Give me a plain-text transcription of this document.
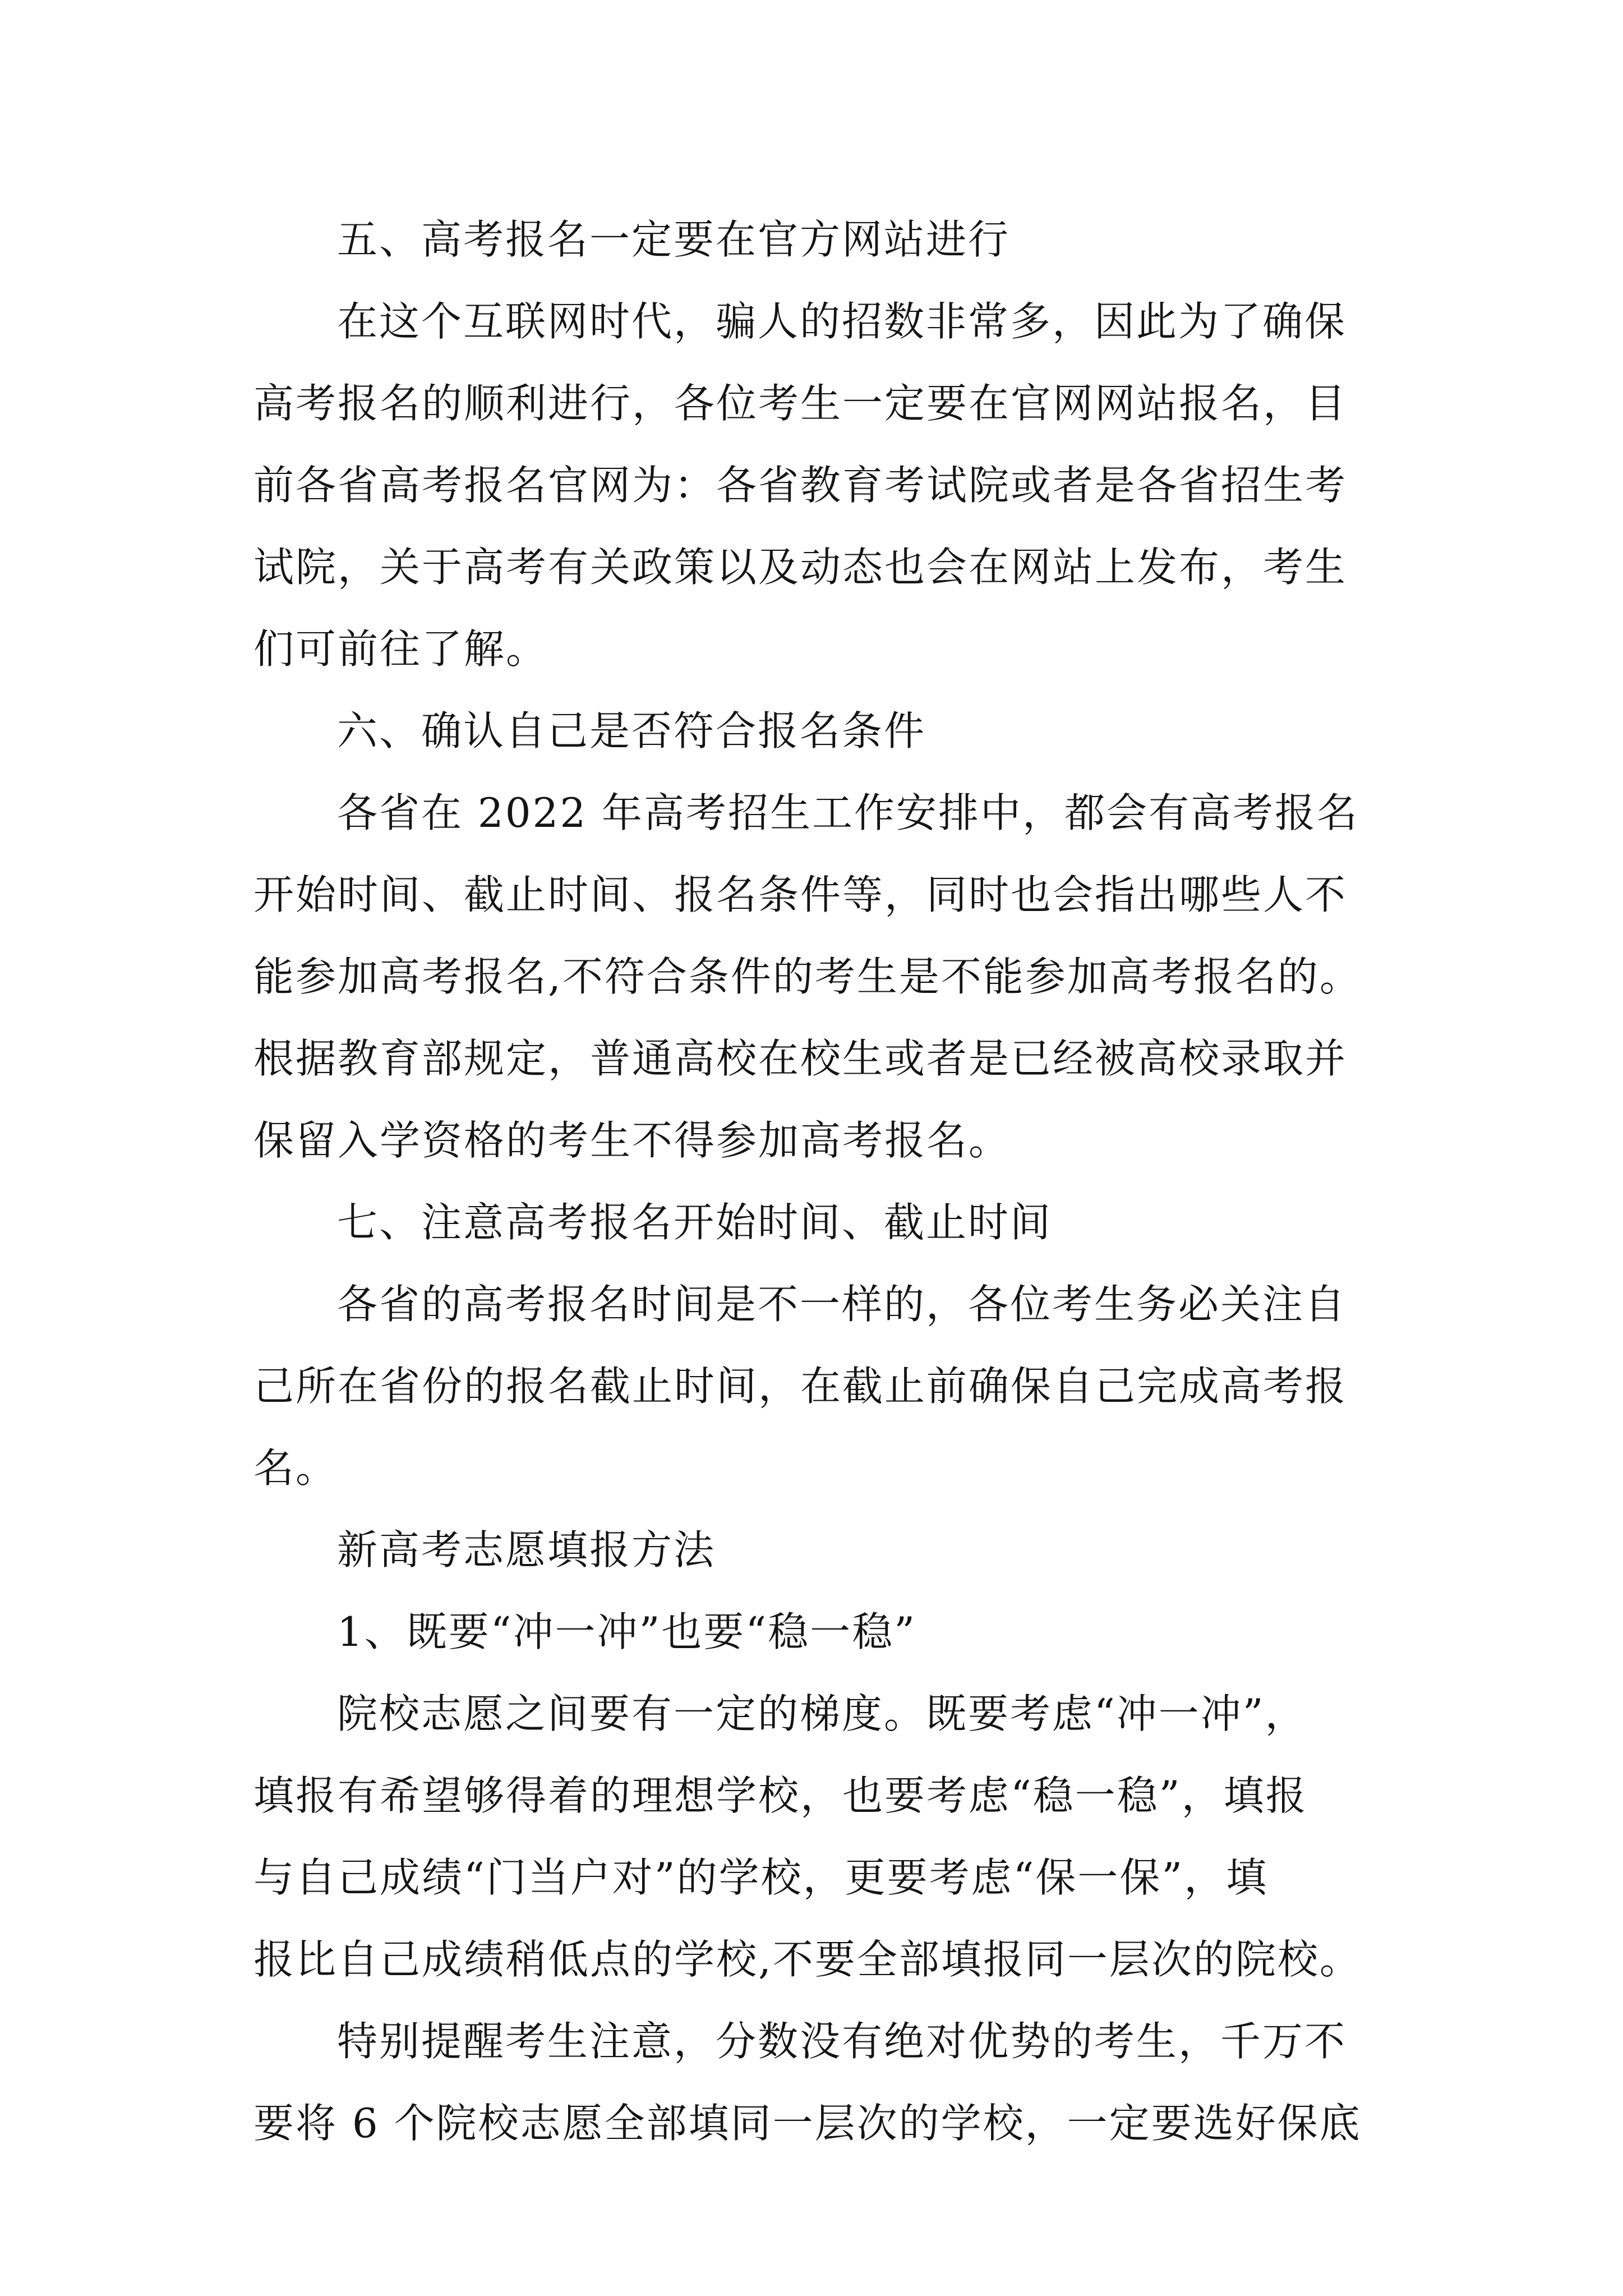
五、高考报名一定要在官方网站进行
在这个互联网时代，骗人的招数非常多，因此为了确保
高考报名的顺利进行，各位考生一定要在官网网站报名，目
前各省高考报名官网为：各省教育考试院或者是各省招生考
试院，关于高考有关政策以及动态也会在网站上发布，考生
们可前往了解。
六、确认自己是否符合报名条件
各省在 2022 年高考招生工作安排中，都会有高考报名
开始时间、截止时间、报名条件等，同时也会指出哪些人不
能参加高考报名,不符合条件的考生是不能参加高考报名的。
根据教育部规定，普通高校在校生或者是已经被高校录取并
保留入学资格的考生不得参加高考报名。
七、注意高考报名开始时间、截止时间
各省的高考报名时间是不一样的，各位考生务必关注自
己所在省份的报名截止时间，在截止前确保自己完成高考报
名。
新高考志愿填报方法
1、既要“冲一冲”也要“稳一稳”
院校志愿之间要有一定的梯度。既要考虑“冲一冲”，
填报有希望够得着的理想学校，也要考虑“稳一稳”，填报
与自己成绩“门当户对”的学校，更要考虑“保一保”，填
报比自己成绩稍低点的学校,不要全部填报同一层次的院校。
特别提醒考生注意，分数没有绝对优势的考生，千万不
要将 6 个院校志愿全部填同一层次的学校，一定要选好保底
